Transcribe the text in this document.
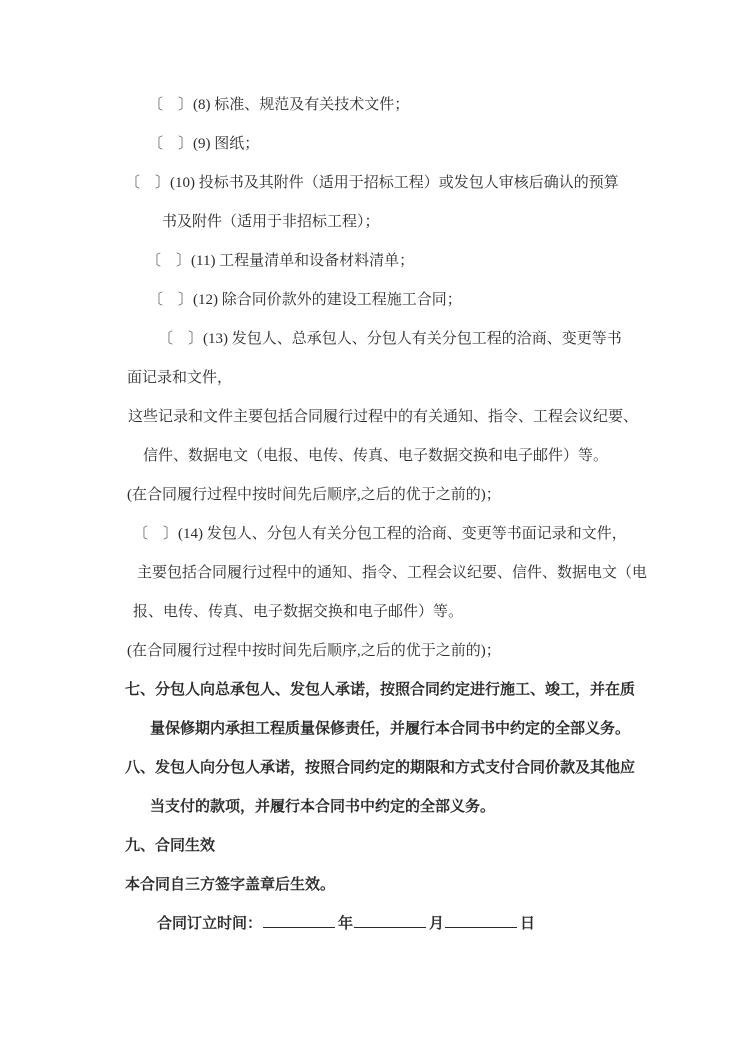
〔　〕(8) 标准、规范及有关技术文件；
〔　〕(9) 图纸；
〔　〕(10) 投标书及其附件（适用于招标工程）或发包人审核后确认的预算
书及附件（适用于非招标工程）；
〔　〕(11) 工程量清单和设备材料清单；
〔　〕(12) 除合同价款外的建设工程施工合同；
〔　〕(13) 发包人、总承包人、分包人有关分包工程的洽商、变更等书
面记录和文件，
这些记录和文件主要包括合同履行过程中的有关通知、指令、工程会议纪要、
信件、数据电文（电报、电传、传真、电子数据交换和电子邮件）等。
(在合同履行过程中按时间先后顺序,之后的优于之前的)；
〔　〕(14) 发包人、分包人有关分包工程的洽商、变更等书面记录和文件，
主要包括合同履行过程中的通知、指令、工程会议纪要、信件、数据电文（电
报、电传、传真、电子数据交换和电子邮件）等。
(在合同履行过程中按时间先后顺序,之后的优于之前的)；
七、分包人向总承包人、发包人承诺，按照合同约定进行施工、竣工，并在质
量保修期内承担工程质量保修责任，并履行本合同书中约定的全部义务。
八、发包人向分包人承诺，按照合同约定的期限和方式支付合同价款及其他应
当支付的款项，并履行本合同书中约定的全部义务。
九、合同生效
本合同自三方签字盖章后生效。
合同订立时间：	年	月	日
